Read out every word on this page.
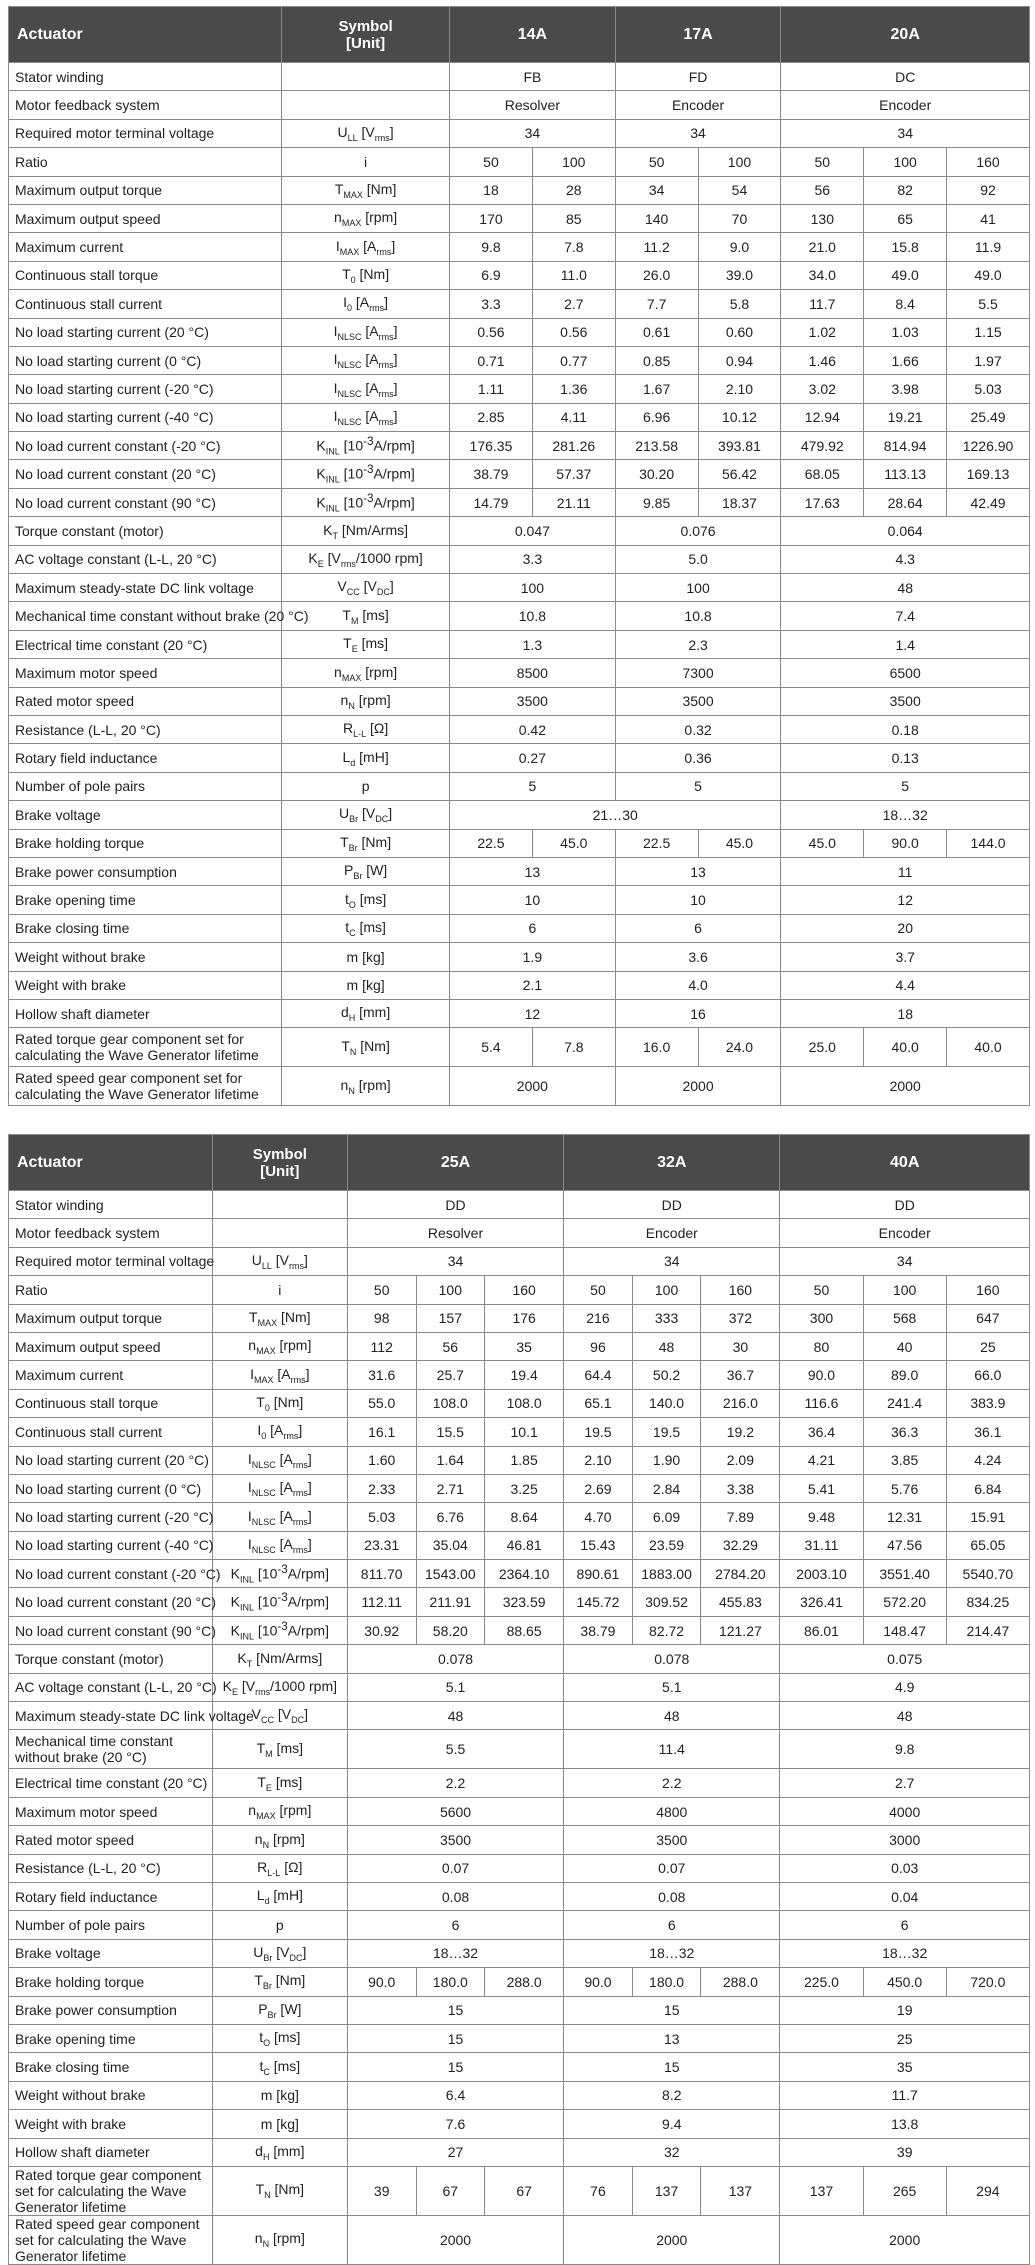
Actuator	Symbol
[Unit]	14A		17A		20A		
Stator winding		FB		FD		DC		
Motor feedback system		Resolver		Encoder		Encoder		
Required motor terminal voltage	$U_{LL}$ $[V_{rms}]$	34		34		34		
Ratio	i	50	100	50	100	50	100	160
Maximum output torque	$T_{MAX}$ [Nm]	18	28	34	54	56	82	92
Maximum output speed	$n_{MAX}$ [rpm]	170	85	140	70	130	65	41
Maximum current	$I_{MAX}$ $[A_{rms}]$	9.8	7.8	11.2	9.0	21.0	15.8	11.9
Continuous stall torque	$T_0$ [Nm]	6.9	11.0	26.0	39.0	34.0	49.0	49.0
Continuous stall current	$I_0$ $[A_{rms}]$	3.3	2.7	7.7	5.8	11.7	8.4	5.5
No load starting current (20 °C)	$I_{NLSC}$ $[A_{rms}]$	0.56	0.56	0.61	0.60	1.02	1.03	1.15
No load starting current (0 °C)	$I_{NLSC}$ $[A_{rms}]$	0.71	0.77	0.85	0.94	1.46	1.66	1.97
No load starting current (-20 °C)	$I_{NLSC}$ $[A_{rms}]$	1.11	1.36	1.67	2.10	3.02	3.98	5.03
No load starting current (-40 °C)	$I_{NLSC}$ $[A_{rms}]$	2.85	4.11	6.96	10.12	12.94	19.21	25.49
No load current constant (-20 °C)	$K_{INL}$ $[10^{-3}A/rpm]$	176.35	281.26	213.58	393.81	479.92	814.94	1226.90
No load current constant (20 °C)	$K_{INL}$ $[10^{-3}A/rpm]$	38.79	57.37	30.20	56.42	68.05	113.13	169.13
No load current constant (90 °C)	$K_{INL}$ $[10^{-3}A/rpm]$	14.79	21.11	9.85	18.37	17.63	28.64	42.49
Torque constant (motor)	$K_T$ [Nm/Arms]	0.047		0.076		0.064		
AC voltage constant (L-L, 20 °C)	$K_E$ [$V_{rms}/1000$ rpm]	3.3		5.0		4.3		
Maximum steady-state DC link voltage	$V_{CC}$ $[V_{DC}]$	100		100		48		
Mechanical time constant without brake (20 °C)	$T_M$ [ms]	10.8		10.8		7.4		
Electrical time constant (20 °C)	$T_E$ [ms]	1.3		2.3		1.4		
Maximum motor speed	$n_{MAX}$ [rpm]	8500		7300		6500		
Rated motor speed	$n_N$ [rpm]	3500		3500		3500		
Resistance (L-L, 20 °C)	$R_{L-L}$ [Ω]	0.42		0.32		0.18		
Rotary field inductance	$L_d$ [mH]	0.27		0.36		0.13		
Number of pole pairs	p	5		5		5		
Brake voltage	$U_{Br}$ $[V_{DC}]$	21…30				18…32		
Brake holding torque	$T_{Br}$ [Nm]	22.5	45.0	22.5	45.0	45.0	90.0	144.0
Brake power consumption	$P_{Br}$ [W]	13		13		11		
Brake opening time	$t_O$ [ms]	10		10		12		
Brake closing time	$t_C$ [ms]	6		6		20		
Weight without brake	m [kg]	1.9		3.6		3.7		
Weight with brake	m [kg]	2.1		4.0		4.4		
Hollow shaft diameter	$d_H$ [mm]	12		16		18		
Rated torque gear component set for calculating the Wave Generator lifetime	$T_N$ [Nm]	5.4	7.8	16.0	24.0	25.0	40.0	40.0
Rated speed gear component set for calculating the Wave Generator lifetime	$n_N$ [rpm]	2000		2000		2000		
Actuator	Symbol
[Unit]	25A			32A			40A		
Stator winding		DD			DD			DD		
Motor feedback system		Resolver			Encoder			Encoder		
Required motor terminal voltage	$U_{LL}$ $[V_{rms}]$	34			34			34		
Ratio	i	50	100	160	50	100	160	50	100	160
Maximum output torque	$T_{MAX}$ [Nm]	98	157	176	216	333	372	300	568	647
Maximum output speed	$n_{MAX}$ [rpm]	112	56	35	96	48	30	80	40	25
Maximum current	$I_{MAX}$ $[A_{rms}]$	31.6	25.7	19.4	64.4	50.2	36.7	90.0	89.0	66.0
Continuous stall torque	$T_0$ [Nm]	55.0	108.0	108.0	65.1	140.0	216.0	116.6	241.4	383.9
Continuous stall current	$I_0$ $[A_{rms}]$	16.1	15.5	10.1	19.5	19.5	19.2	36.4	36.3	36.1
No load starting current (20 °C)	$I_{NLSC}$ $[A_{rms}]$	1.60	1.64	1.85	2.10	1.90	2.09	4.21	3.85	4.24
No load starting current (0 °C)	$I_{NLSC}$ $[A_{rms}]$	2.33	2.71	3.25	2.69	2.84	3.38	5.41	5.76	6.84
No load starting current (-20 °C)	$I_{NLSC}$ $[A_{rms}]$	5.03	6.76	8.64	4.70	6.09	7.89	9.48	12.31	15.91
No load starting current (-40 °C)	$I_{NLSC}$ $[A_{rms}]$	23.31	35.04	46.81	15.43	23.59	32.29	31.11	47.56	65.05
No load current constant (-20 °C)	$K_{INL}$ $[10^{-3}A/rpm]$	811.70	1543.00	2364.10	890.61	1883.00	2784.20	2003.10	3551.40	5540.70
No load current constant (20 °C)	$K_{INL}$ $[10^{-3}A/rpm]$	112.11	211.91	323.59	145.72	309.52	455.83	326.41	572.20	834.25
No load current constant (90 °C)	$K_{INL}$ $[10^{-3}A/rpm]$	30.92	58.20	88.65	38.79	82.72	121.27	86.01	148.47	214.47
Torque constant (motor)	$K_T$ [Nm/Arms]	0.078			0.078			0.075		
AC voltage constant (L-L, 20 °C)	$K_E$ [$V_{rms}/1000$ rpm]	5.1			5.1			4.9		
Maximum steady-state DC link voltage	$V_{CC}$ $[V_{DC}]$	48			48			48		
Mechanical time constant without brake (20 °C)	$T_M$ [ms]	5.5			11.4			9.8		
Electrical time constant (20 °C)	$T_E$ [ms]	2.2			2.2			2.7		
Maximum motor speed	$n_{MAX}$ [rpm]	5600			4800			4000		
Rated motor speed	$n_N$ [rpm]	3500			3500			3000		
Resistance (L-L, 20 °C)	$R_{L-L}$ [Ω]	0.07			0.07			0.03		
Rotary field inductance	$L_d$ [mH]	0.08			0.08			0.04		
Number of pole pairs	p	6			6			6		
Brake voltage	$U_{Br}$ $[V_{DC}]$	18…32			18…32			18…32		
Brake holding torque	$T_{Br}$ [Nm]	90.0	180.0	288.0	90.0	180.0	288.0	225.0	450.0	720.0
Brake power consumption	$P_{Br}$ [W]	15			15			19		
Brake opening time	$t_O$ [ms]	15			13			25		
Brake closing time	$t_C$ [ms]	15			15			35		
Weight without brake	m [kg]	6.4			8.2			11.7		
Weight with brake	m [kg]	7.6			9.4			13.8		
Hollow shaft diameter	$d_H$ [mm]	27			32			39		
Rated torque gear component set for calculating the Wave Generator lifetime	$T_N$ [Nm]	39	67	67	76	137	137	137	265	294
Rated speed gear component set for calculating the Wave Generator lifetime	$n_N$ [rpm]	2000			2000			2000		
